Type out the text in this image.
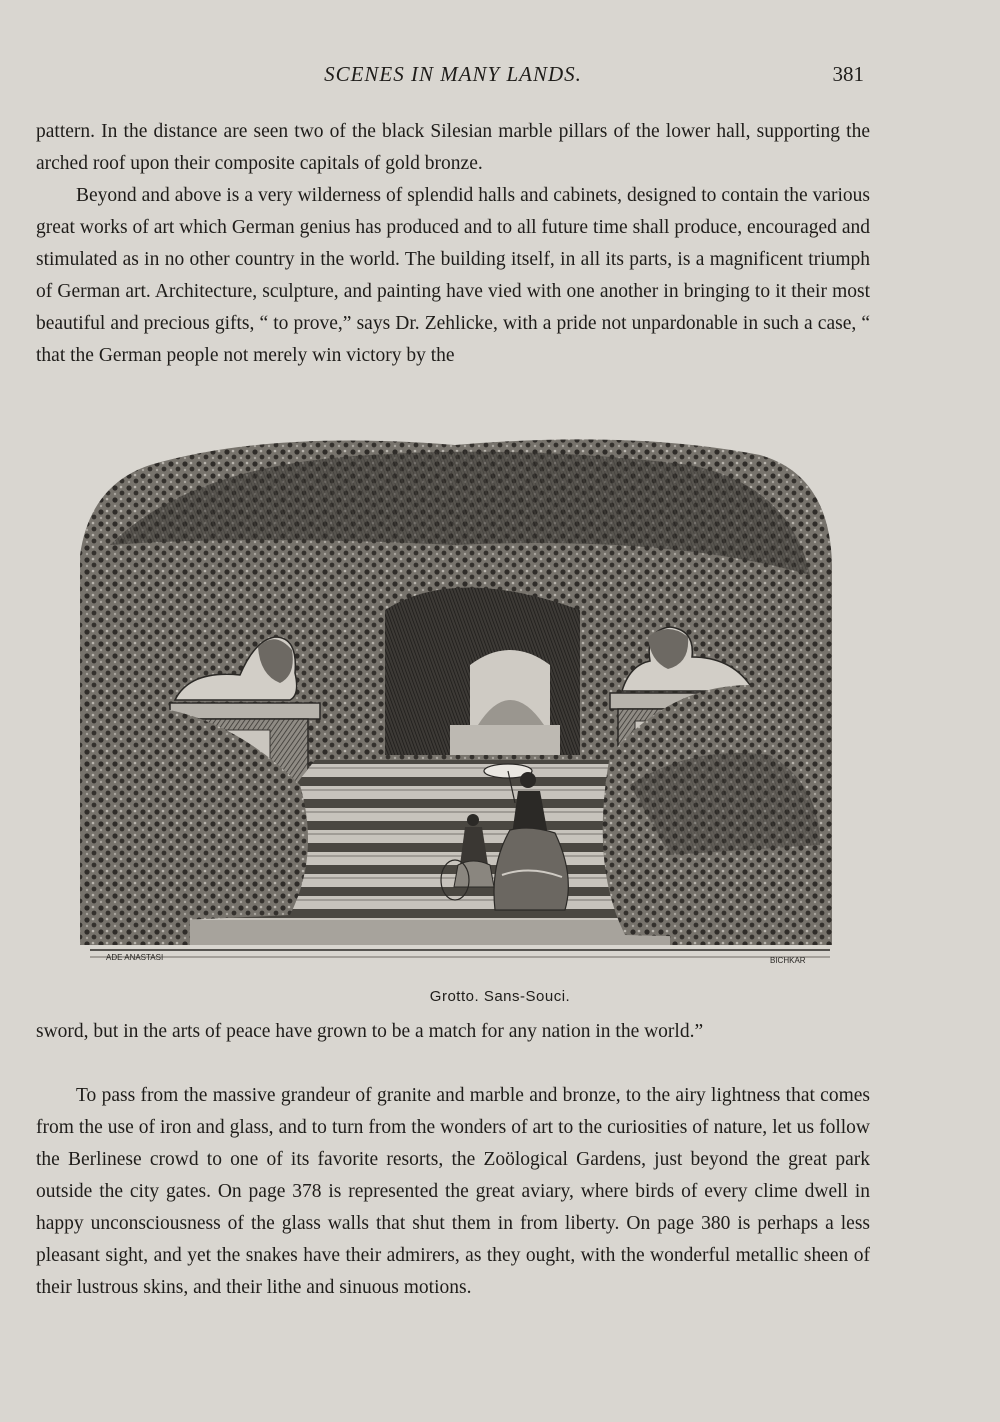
SCENES IN MANY LANDS.	381

pattern. In the distance are seen two of the black Silesian marble pillars of the lower hall, supporting the arched roof upon their composite capitals of gold bronze.

Beyond and above is a very wilderness of splendid halls and cabinets, designed to contain the various great works of art which German genius has produced and to all future time shall produce, encouraged and stimulated as in no other country in the world. The building itself, in all its parts, is a magnificent triumph of German art. Architecture, sculpture, and painting have vied with one another in bringing to it their most beautiful and precious gifts, “ to prove,” says Dr. Zehlicke, with a pride not unpardonable in such a case, “ that the German people not merely win victory by the

ADE ANASTASI	BICHKAR
Grotto. Sans-Souci.

sword, but in the arts of peace have grown to be a match for any nation in the world.”

To pass from the massive grandeur of granite and marble and bronze, to the airy lightness that comes from the use of iron and glass, and to turn from the wonders of art to the curiosities of nature, let us follow the Berlinese crowd to one of its favorite resorts, the Zoölogical Gardens, just beyond the great park outside the city gates. On page 378 is represented the great aviary, where birds of every clime dwell in happy unconsciousness of the glass walls that shut them in from liberty. On page 380 is perhaps a less pleasant sight, and yet the snakes have their admirers, as they ought, with the wonderful metallic sheen of their lustrous skins, and their lithe and sinuous motions.
